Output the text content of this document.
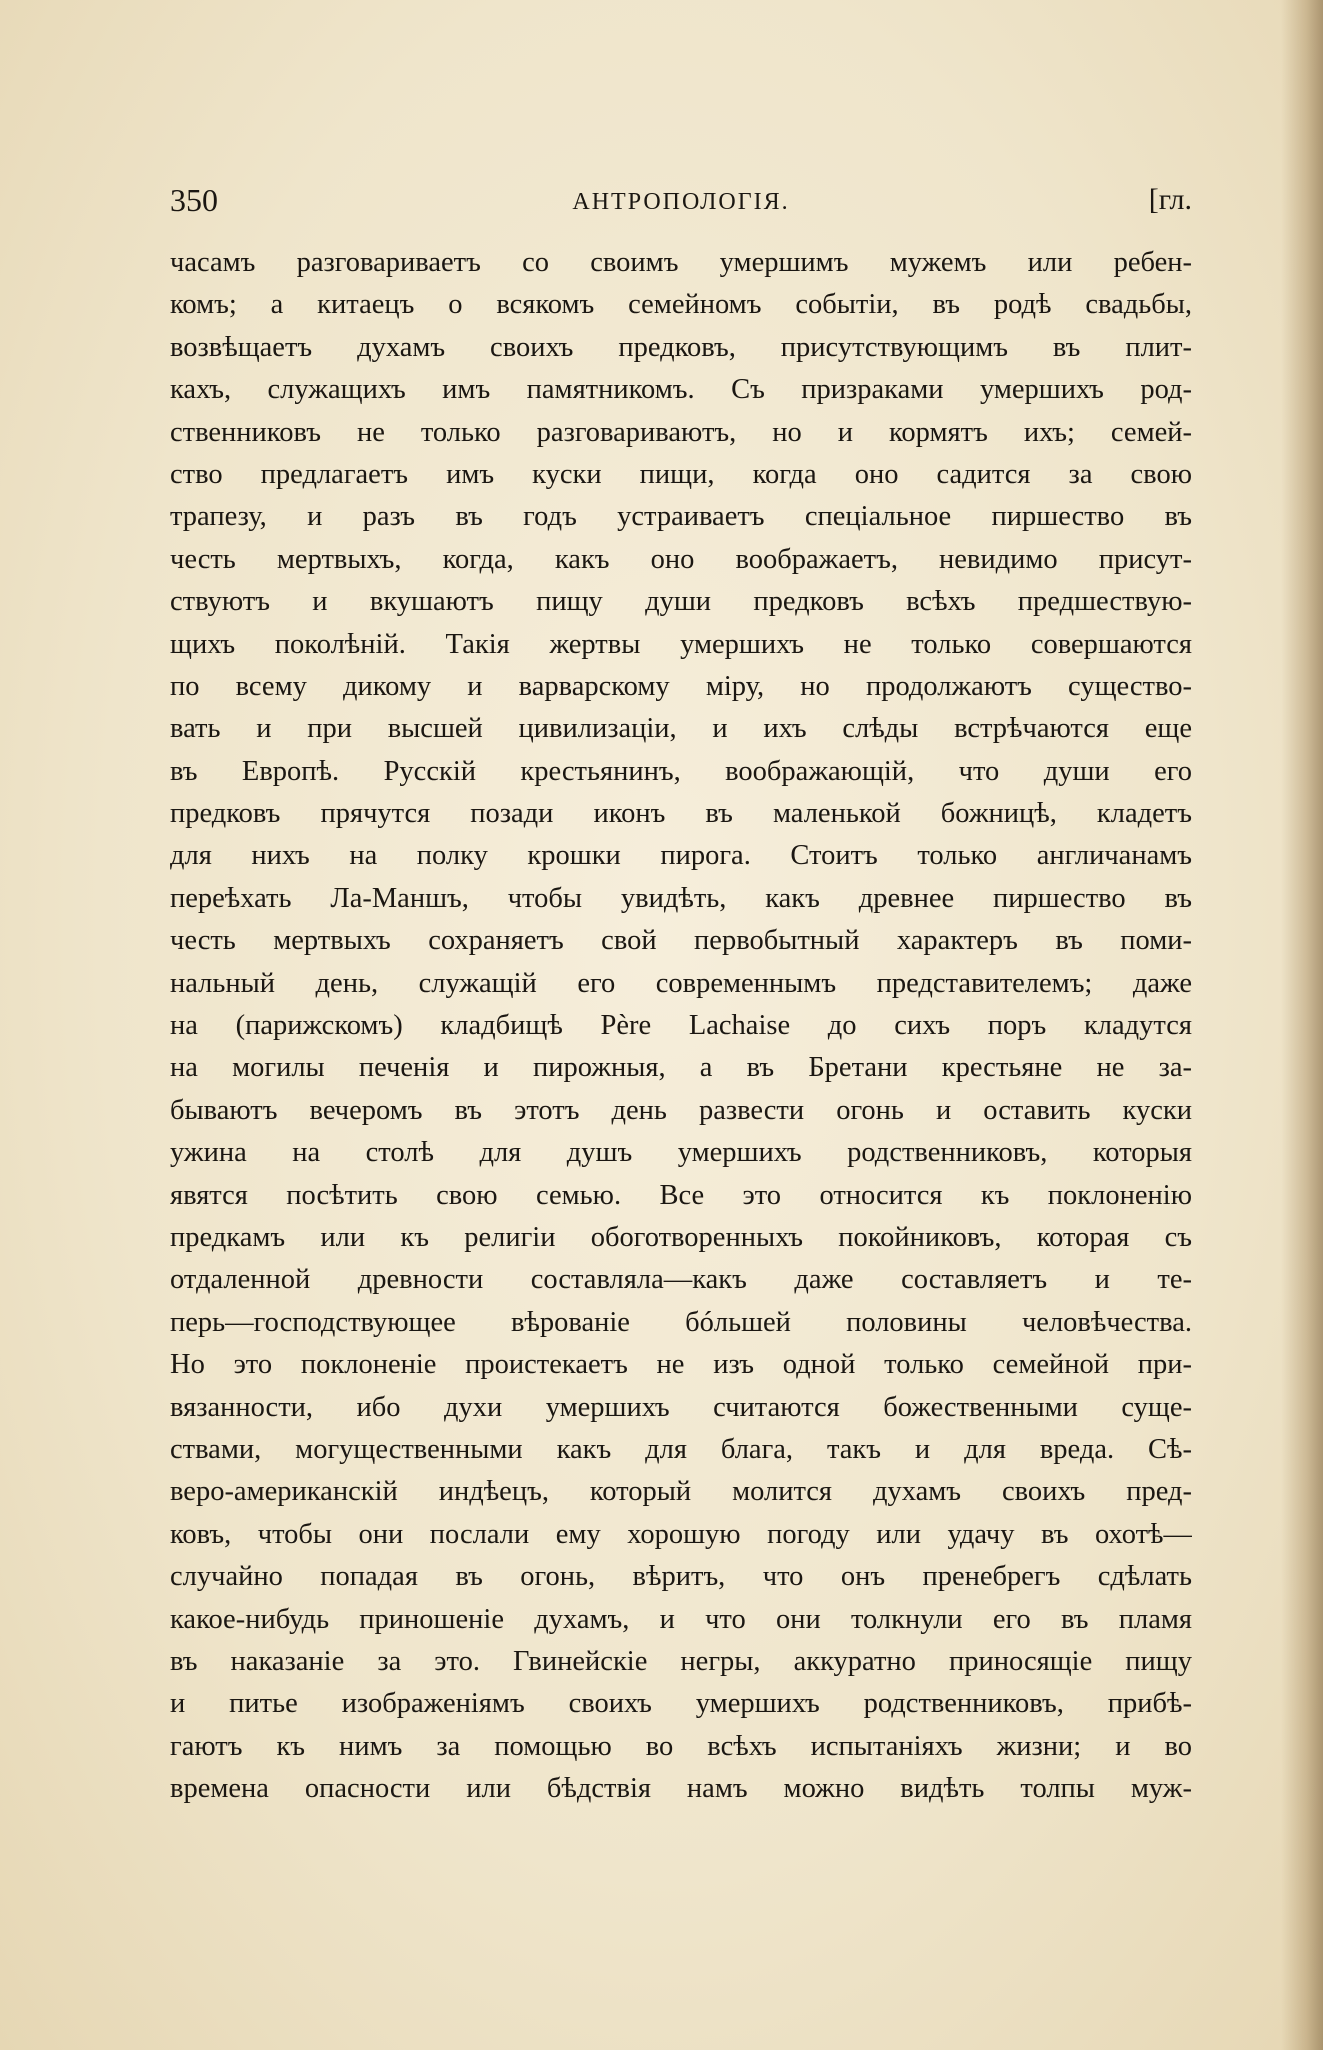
350	АНТРОПОЛОГІЯ.	[гл.
часамъ разговариваетъ со своимъ умершимъ мужемъ или ребен-
комъ; а китаецъ о всякомъ семейномъ событіи, въ родѣ свадьбы,
возвѣщаетъ духамъ своихъ предковъ, присутствующимъ въ плит-
кахъ, служащихъ имъ памятникомъ. Съ призраками умершихъ род-
ственниковъ не только разговариваютъ, но и кормятъ ихъ; семей-
ство предлагаетъ имъ куски пищи, когда оно садится за свою
трапезу, и разъ въ годъ устраиваетъ спеціальное пиршество въ
честь мертвыхъ, когда, какъ оно воображаетъ, невидимо присут-
ствуютъ и вкушаютъ пищу души предковъ всѣхъ предшествую-
щихъ поколѣній. Такія жертвы умершихъ не только совершаются
по всему дикому и варварскому міру, но продолжаютъ существо-
вать и при высшей цивилизаціи, и ихъ слѣды встрѣчаются еще
въ Европѣ. Русскій крестьянинъ, воображающій, что души его
предковъ прячутся позади иконъ въ маленькой божницѣ, кладетъ
для нихъ на полку крошки пирога. Стоитъ только англичанамъ
переѣхать Ла-Маншъ, чтобы увидѣть, какъ древнее пиршество въ
честь мертвыхъ сохраняетъ свой первобытный характеръ въ поми-
нальный день, служащій его современнымъ представителемъ; даже
на (парижскомъ) кладбищѣ Père Lachaise до сихъ поръ кладутся
на могилы печенія и пирожныя, а въ Бретани крестьяне не за-
бываютъ вечеромъ въ этотъ день развести огонь и оставить куски
ужина на столѣ для душъ умершихъ родственниковъ, которыя
явятся посѣтить свою семью. Все это относится къ поклоненію
предкамъ или къ религіи обоготворенныхъ покойниковъ, которая съ
отдаленной древности составляла—какъ даже составляетъ и те-
перь—господствующее вѣрованіе бóльшей половины человѣчества.
Но это поклоненіе проистекаетъ не изъ одной только семейной при-
вязанности, ибо духи умершихъ считаются божественными суще-
ствами, могущественными какъ для блага, такъ и для вреда. Сѣ-
веро-американскій индѣецъ, который молится духамъ своихъ пред-
ковъ, чтобы они послали ему хорошую погоду или удачу въ охотѣ—
случайно попадая въ огонь, вѣритъ, что онъ пренебрегъ сдѣлать
какое-нибудь приношеніе духамъ, и что они толкнули его въ пламя
въ наказаніе за это. Гвинейскіе негры, аккуратно приносящіе пищу
и питье изображеніямъ своихъ умершихъ родственниковъ, прибѣ-
гаютъ къ нимъ за помощью во всѣхъ испытаніяхъ жизни; и во
времена опасности или бѣдствія намъ можно видѣть толпы муж-
